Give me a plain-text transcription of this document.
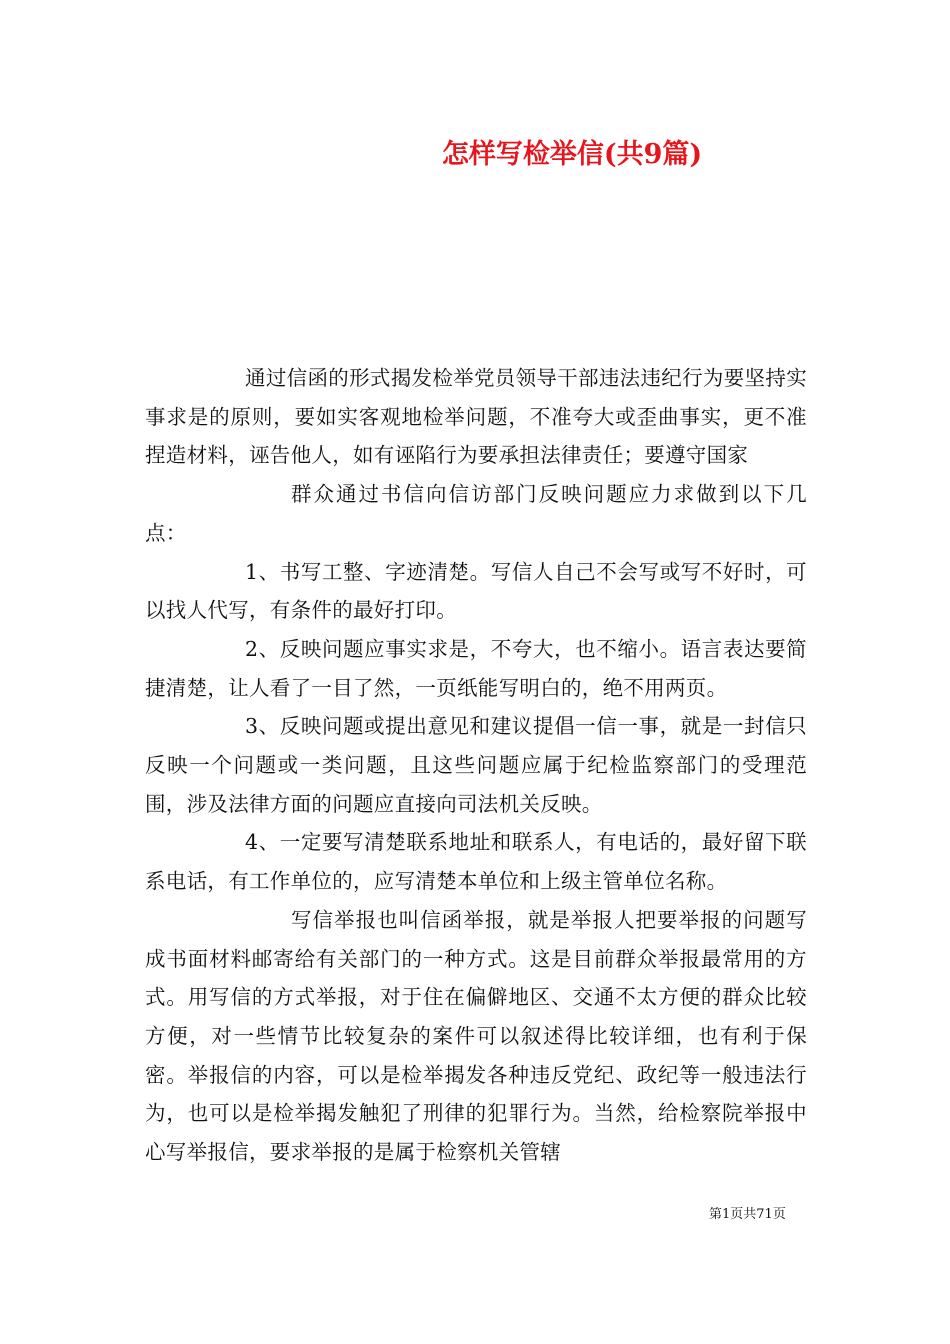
怎样写检举信(共9篇)

通过信函的形式揭发检举党员领导干部违法违纪行为要坚持实事求是的原则，要如实客观地检举问题，不准夸大或歪曲事实，更不准捏造材料，诬告他人，如有诬陷行为要承担法律责任；要遵守国家

群众通过书信向信访部门反映问题应力求做到以下几点：

1、书写工整、字迹清楚。写信人自己不会写或写不好时，可以找人代写，有条件的最好打印。

2、反映问题应事实求是，不夸大，也不缩小。语言表达要简捷清楚，让人看了一目了然，一页纸能写明白的，绝不用两页。

3、反映问题或提出意见和建议提倡一信一事，就是一封信只反映一个问题或一类问题，且这些问题应属于纪检监察部门的受理范围，涉及法律方面的问题应直接向司法机关反映。

4、一定要写清楚联系地址和联系人，有电话的，最好留下联系电话，有工作单位的，应写清楚本单位和上级主管单位名称。

写信举报也叫信函举报，就是举报人把要举报的问题写成书面材料邮寄给有关部门的一种方式。这是目前群众举报最常用的方式。用写信的方式举报，对于住在偏僻地区、交通不太方便的群众比较方便，对一些情节比较复杂的案件可以叙述得比较详细，也有利于保密。举报信的内容，可以是检举揭发各种违反党纪、政纪等一般违法行为，也可以是检举揭发触犯了刑律的犯罪行为。当然，给检察院举报中心写举报信，要求举报的是属于检察机关管辖

第1页共71页
